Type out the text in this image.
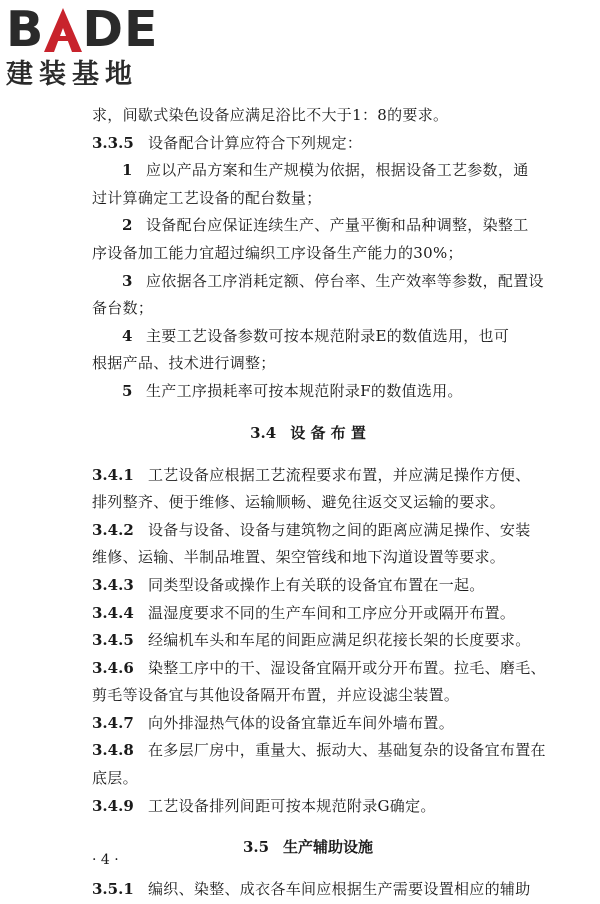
B DE
建装基地
求，间歇式染色设备应满足浴比不大于1：8的要求。
3.3.5 设备配合计算应符合下列规定：
1 应以产品方案和生产规模为依据，根据设备工艺参数，通
过计算确定工艺设备的配台数量；
2 设备配台应保证连续生产、产量平衡和品种调整，染整工
序设备加工能力宜超过编织工序设备生产能力的30%；
3 应依据各工序消耗定额、停台率、生产效率等参数，配置设
备台数；
4 主要工艺设备参数可按本规范附录E的数值选用，也可
根据产品、技术进行调整；
5 生产工序损耗率可按本规范附录F的数值选用。
3.4 设 备 布 置
3.4.1 工艺设备应根据工艺流程要求布置，并应满足操作方便、
排列整齐、便于维修、运输顺畅、避免往返交叉运输的要求。
3.4.2 设备与设备、设备与建筑物之间的距离应满足操作、安装
维修、运输、半制品堆置、架空管线和地下沟道设置等要求。
3.4.3 同类型设备或操作上有关联的设备宜布置在一起。
3.4.4 温湿度要求不同的生产车间和工序应分开或隔开布置。
3.4.5 经编机车头和车尾的间距应满足织花接长架的长度要求。
3.4.6 染整工序中的干、湿设备宜隔开或分开布置。拉毛、磨毛、
剪毛等设备宜与其他设备隔开布置，并应设滤尘装置。
3.4.7 向外排湿热气体的设备宜靠近车间外墙布置。
3.4.8 在多层厂房中，重量大、振动大、基础复杂的设备宜布置在
底层。
3.4.9 工艺设备排列间距可按本规范附录G确定。
3.5 生产辅助设施
3.5.1 编织、染整、成衣各车间应根据生产需要设置相应的辅助
· 4 ·
